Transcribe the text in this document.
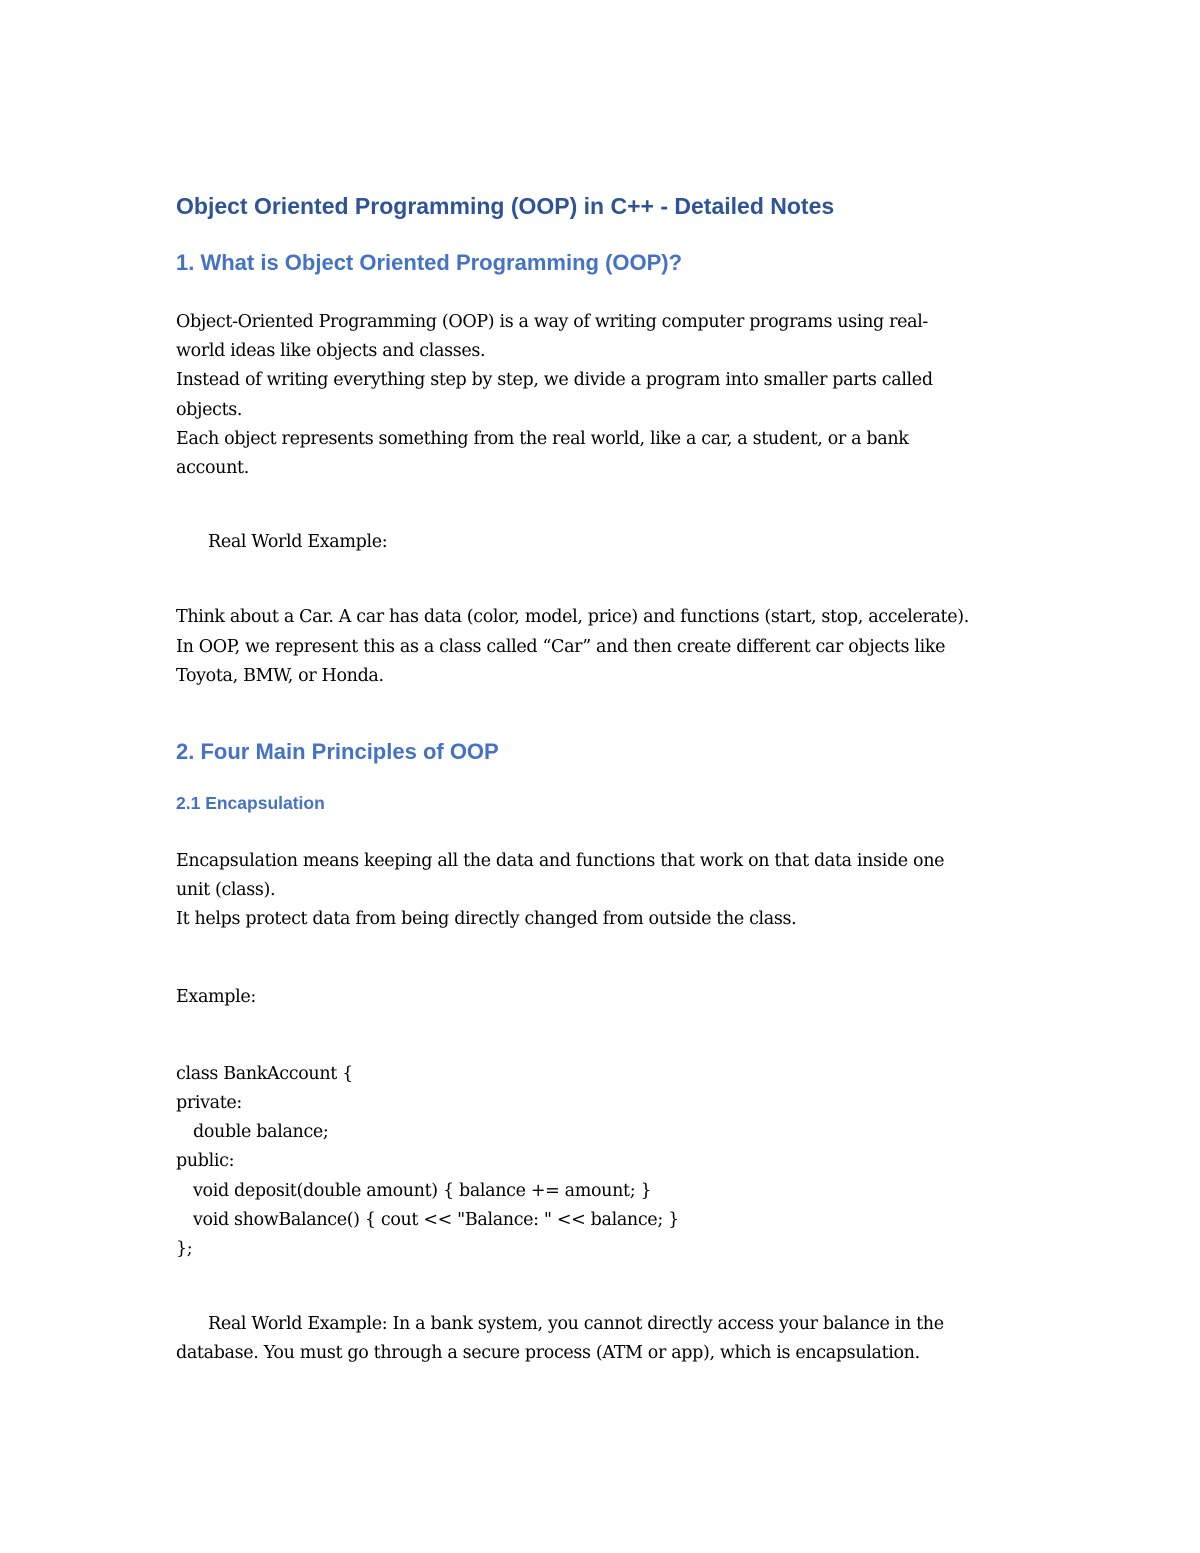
Object Oriented Programming (OOP) in C++ - Detailed Notes
1. What is Object Oriented Programming (OOP)?
Object-Oriented Programming (OOP) is a way of writing computer programs using real-
world ideas like objects and classes.
Instead of writing everything step by step, we divide a program into smaller parts called
objects.
Each object represents something from the real world, like a car, a student, or a bank
account.
Real World Example:
Think about a Car. A car has data (color, model, price) and functions (start, stop, accelerate).
In OOP, we represent this as a class called “Car” and then create different car objects like
Toyota, BMW, or Honda.
2. Four Main Principles of OOP
2.1 Encapsulation
Encapsulation means keeping all the data and functions that work on that data inside one
unit (class).
It helps protect data from being directly changed from outside the class.
Example:
class BankAccount {
private:
double balance;
public:
void deposit(double amount) { balance += amount; }
void showBalance() { cout << "Balance: " << balance; }
};
Real World Example: In a bank system, you cannot directly access your balance in the
database. You must go through a secure process (ATM or app), which is encapsulation.
